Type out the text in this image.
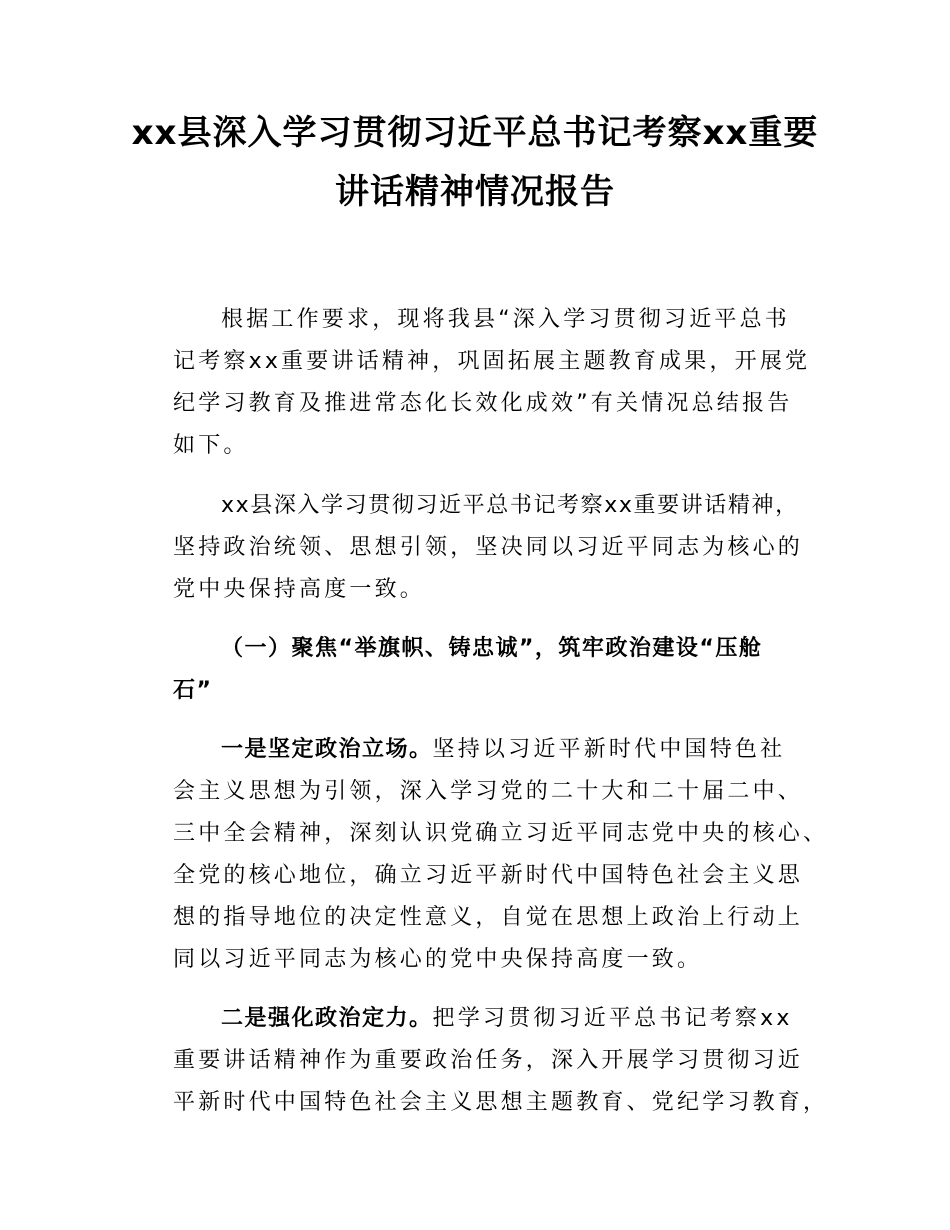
xx县深入学习贯彻习近平总书记考察xx重要
讲话精神情况报告
根据工作要求，现将我县“深入学习贯彻习近平总书
记考察xx重要讲话精神，巩固拓展主题教育成果，开展党
纪学习教育及推进常态化长效化成效”有关情况总结报告
如下。
xx县深入学习贯彻习近平总书记考察xx重要讲话精神，
坚持政治统领、思想引领，坚决同以习近平同志为核心的
党中央保持高度一致。
（一）聚焦“举旗帜、铸忠诚”，筑牢政治建设“压舱
石”
一是坚定政治立场。坚持以习近平新时代中国特色社
会主义思想为引领，深入学习党的二十大和二十届二中、
三中全会精神，深刻认识党确立习近平同志党中央的核心、
全党的核心地位，确立习近平新时代中国特色社会主义思
想的指导地位的决定性意义，自觉在思想上政治上行动上
同以习近平同志为核心的党中央保持高度一致。
二是强化政治定力。把学习贯彻习近平总书记考察xx
重要讲话精神作为重要政治任务，深入开展学习贯彻习近
平新时代中国特色社会主义思想主题教育、党纪学习教育，
